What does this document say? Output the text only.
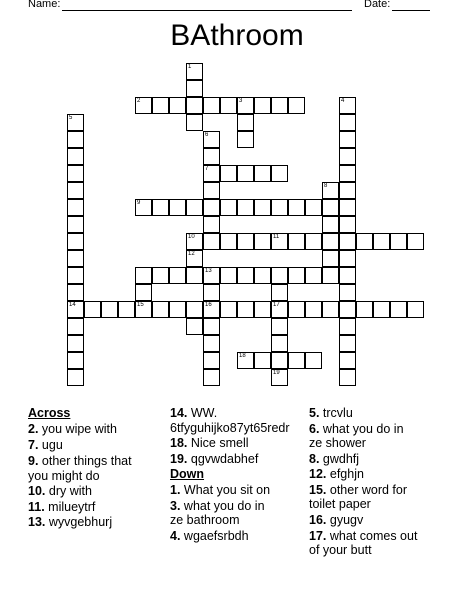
Name:	Date:
BAthroom
1
2	3	4
5
6
7
8
9
10	11
12
13
14	15	16	17
18
19
Across
2. you wipe with
7. ugu
9. other things that
you might do
10. dry with
11. milueytrf
13. wyvgebhurj
14. WW.
6tfyguhijko87yt65redr
18. Nice smell
19. qgvwdabhef
Down
1. What you sit on
3. what you do in
ze bathroom
4. wgaefsrbdh
5. trcvlu
6. what you do in
ze shower
8. gwdhfj
12. efghjn
15. other word for
toilet paper
16. gyugv
17. what comes out
of your butt
